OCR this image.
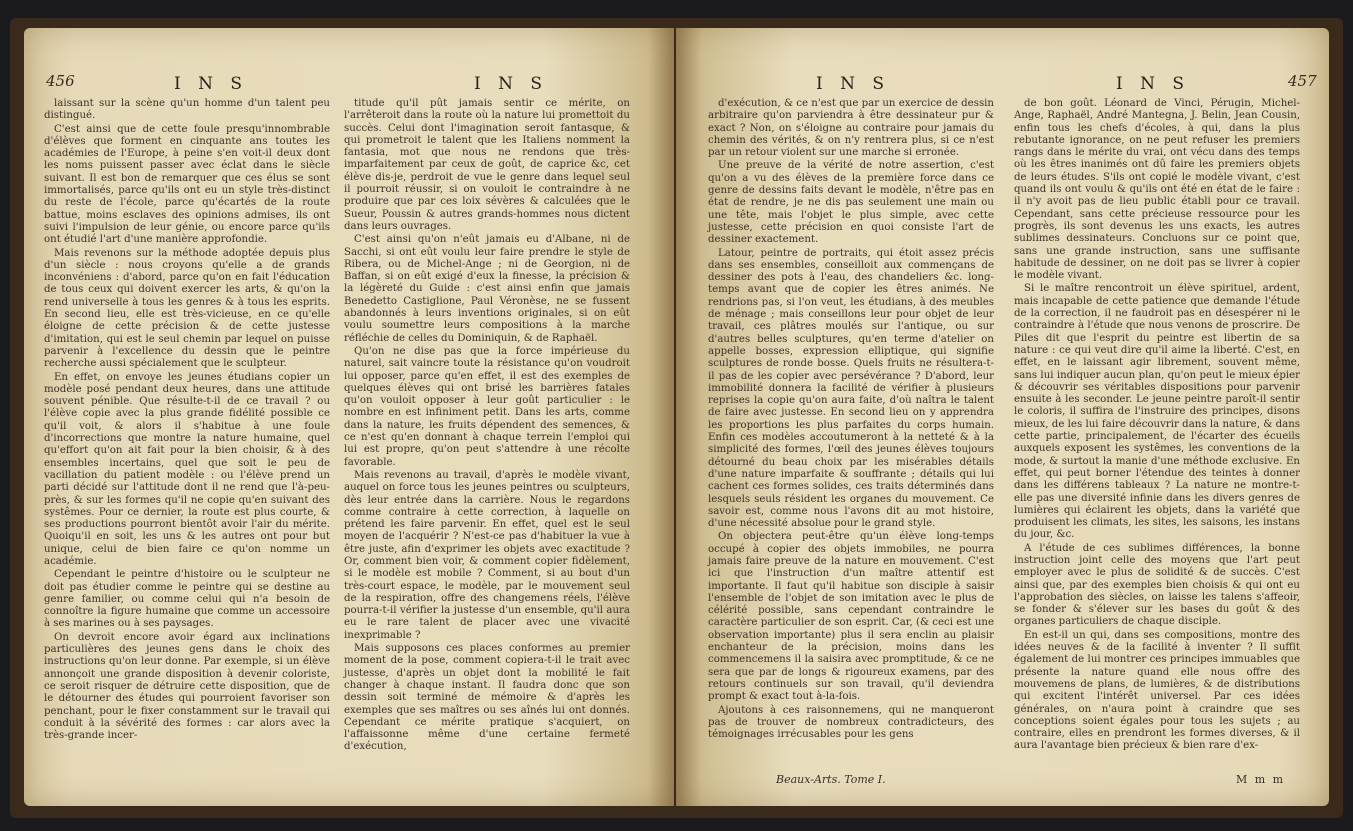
456	I N S	I N S

laissant sur la scène qu'un homme d'un talent peu distingué.

C'est ainsi que de cette foule presqu'innombrable d'élèves que forment en cinquante ans toutes les académies de l'Europe, à peine s'en voit-il deux dont les noms puissent passer avec éclat dans le siècle suivant. Il est bon de remarquer que ces élus se sont immortalisés, parce qu'ils ont eu un style très-distinct du reste de l'école, parce qu'écartés de la route battue, moins esclaves des opinions admises, ils ont suivi l'impulsion de leur génie, ou encore parce qu'ils ont étudié l'art d'une manière approfondie.

Mais revenons sur la méthode adoptée depuis plus d'un siècle : nous croyons qu'elle a de grands inconvéniens : d'abord, parce qu'on en fait l'éducation de tous ceux qui doivent exercer les arts, & qu'on la rend universelle à tous les genres & à tous les esprits. En second lieu, elle est très-vicieuse, en ce qu'elle éloigne de cette précision & de cette justesse d'imitation, qui est le seul chemin par lequel on puisse parvenir à l'excellence du dessin que le peintre recherche aussi spécialement que le sculpteur.

En effet, on envoye les jeunes étudians copier un modèle posé pendant deux heures, dans une attitude souvent pénible. Que résulte-t-il de ce travail ? ou l'élève copie avec la plus grande fidélité possible ce qu'il voit, & alors il s'habitue à une foule d'incorrections que montre la nature humaine, quel qu'effort qu'on ait fait pour la bien choisir, & à des ensembles incertains, quel que soit le peu de vacillation du patient modèle : ou l'élève prend un parti décidé sur l'attitude dont il ne rend que l'à-peu-près, & sur les formes qu'il ne copie qu'en suivant des systêmes. Pour ce dernier, la route est plus courte, & ses productions pourront bientôt avoir l'air du mérite. Quoiqu'il en soit, les uns & les autres ont pour but unique, celui de bien faire ce qu'on nomme un académie.

Cependant le peintre d'histoire ou le sculpteur ne doit pas étudier comme le peintre qui se destine au genre familier, ou comme celui qui n'a besoin de connoître la figure humaine que comme un accessoire à ses marines ou à ses paysages.

On devroit encore avoir égard aux inclinations particulières des jeunes gens dans le choix des instructions qu'on leur donne. Par exemple, si un élève annonçoit une grande disposition à devenir coloriste, ce seroit risquer de détruire cette disposition, que de le détourner des études qui pourroient favoriser son penchant, pour le fixer constamment sur le travail qui conduit à la sévérité des formes : car alors avec la très-grande incer-

titude qu'il pût jamais sentir ce mérite, on l'arrêteroit dans la route où la nature lui promettoit du succès. Celui dont l'imagination seroit fantasque, & qui prometroit le talent que les Italiens nomment la fantasia, mot que nous ne rendons que très-imparfaitement par ceux de goût, de caprice &c, cet élève dis-je, perdroit de vue le genre dans lequel seul il pourroit réussir, si on vouloit le contraindre à ne produire que par ces loix sévères & calculées que le Sueur, Poussin & autres grands-hommes nous dictent dans leurs ouvrages.

C'est ainsi qu'on n'eût jamais eu d'Albane, ni de Sacchi, si ont eût voulu leur faire prendre le style de Ribera, ou de Michel-Ange ; ni de Georgion, ni de Baffan, si on eût exigé d'eux la finesse, la précision & la légèreté du Guide : c'est ainsi enfin que jamais Benedetto Castiglione, Paul Véronèse, ne se fussent abandonnés à leurs inventions originales, si on eût voulu soumettre leurs compositions à la marche réfléchie de celles du Dominiquin, & de Raphaël.

Qu'on ne dise pas que la force impérieuse du naturel, sait vaincre toute la résistance qu'on voudroit lui opposer, parce qu'en effet, il est des exemples de quelques élèves qui ont brisé les barrières fatales qu'on vouloit opposer à leur goût particulier : le nombre en est infiniment petit. Dans les arts, comme dans la nature, les fruits dépendent des semences, & ce n'est qu'en donnant à chaque terrein l'emploi qui lui est propre, qu'on peut s'attendre à une récolte favorable.

Mais revenons au travail, d'après le modèle vivant, auquel on force tous les jeunes peintres ou sculpteurs, dès leur entrée dans la carrière. Nous le regardons comme contraire à cette correction, à laquelle on prétend les faire parvenir. En effet, quel est le seul moyen de l'acquérir ? N'est-ce pas d'habituer la vue à être juste, afin d'exprimer les objets avec exactitude ? Or, comment bien voir, & comment copier fidèlement, si le modèle est mobile ? Comment, si au bout d'un très-court espace, le modèle, par le mouvement seul de la respiration, offre des changemens réels, l'élève pourra-t-il vérifier la justesse d'un ensemble, qu'il aura eu le rare talent de placer avec une vivacité inexprimable ?

Mais supposons ces places conformes au premier moment de la pose, comment copiera-t-il le trait avec justesse, d'après un objet dont la mobilité le fait changer à chaque instant. Il faudra donc que son dessin soit terminé de mémoire & d'après les exemples que ses maîtres ou ses aînés lui ont donnés. Cependant ce mérite pratique s'acquiert, on l'affaissonne même d'une certaine fermeté d'exécution,

I N S	I N S	457

d'exécution, & ce n'est que par un exercice de dessin arbitraire qu'on parviendra à être dessinateur pur & exact ? Non, on s'éloigne au contraire pour jamais du chemin des vérités, & on n'y rentrera plus, si ce n'est par un retour violent sur une marche si erronée.

Une preuve de la vérité de notre assertion, c'est qu'on a vu des élèves de la première force dans ce genre de dessins faits devant le modèle, n'être pas en état de rendre, je ne dis pas seulement une main ou une tête, mais l'objet le plus simple, avec cette justesse, cette précision en quoi consiste l'art de dessiner exactement.

Latour, peintre de portraits, qui étoit assez précis dans ses ensembles, conseilloit aux commençans de dessiner des pots à l'eau, des chandeliers &c. long-temps avant que de copier les êtres animés. Ne rendrions pas, si l'on veut, les étudians, à des meubles de ménage ; mais conseillons leur pour objet de leur travail, ces plâtres moulés sur l'antique, ou sur d'autres belles sculptures, qu'en terme d'atelier on appelle bosses, expression elliptique, qui signifie sculptures de ronde bosse. Quels fruits ne résultera-t-il pas de les copier avec persévérance ? D'abord, leur immobilité donnera la facilité de vérifier à plusieurs reprises la copie qu'on aura faite, d'où naîtra le talent de faire avec justesse. En second lieu on y apprendra les proportions les plus parfaites du corps humain. Enfin ces modèles accoutumeront à la netteté & à la simplicité des formes, l'œil des jeunes élèves toujours détourné du beau choix par les misérables détails d'une nature imparfaite & souffrante ; détails qui lui cachent ces formes solides, ces traits déterminés dans lesquels seuls résident les organes du mouvement. Ce savoir est, comme nous l'avons dit au mot histoire, d'une nécessité absolue pour le grand style.

On objectera peut-être qu'un élève long-temps occupé à copier des objets immobiles, ne pourra jamais faire preuve de la nature en mouvement. C'est ici que l'instruction d'un maître attentif est importante. Il faut qu'il habitue son disciple à saisir l'ensemble de l'objet de son imitation avec le plus de célérité possible, sans cependant contraindre le caractère particulier de son esprit. Car, (& ceci est une observation importante) plus il sera enclin au plaisir enchanteur de la précision, moins dans les commencemens il la saisira avec promptitude, & ce ne sera que par de longs & rigoureux examens, par des retours continuels sur son travail, qu'il deviendra prompt & exact tout à-la-fois.

Ajoutons à ces raisonnemens, qui ne manqueront pas de trouver de nombreux contradicteurs, des témoignages irrécusables pour les gens

de bon goût. Léonard de Vinci, Pérugin, Michel-Ange, Raphaël, André Mantegna, J. Belin, Jean Cousin, enfin tous les chefs d'écoles, à qui, dans la plus rebutante ignorance, on ne peut refuser les premiers rangs dans le mérite du vrai, ont vécu dans des temps où les êtres inanimés ont dû faire les premiers objets de leurs études. S'ils ont copié le modèle vivant, c'est quand ils ont voulu & qu'ils ont été en état de le faire : il n'y avoit pas de lieu public établi pour ce travail. Cependant, sans cette précieuse ressource pour les progrès, ils sont devenus les uns exacts, les autres sublimes dessinateurs. Concluons sur ce point que, sans une grande instruction, sans une suffisante habitude de dessiner, on ne doit pas se livrer à copier le modèle vivant.

Si le maître rencontroit un élève spirituel, ardent, mais incapable de cette patience que demande l'étude de la correction, il ne faudroit pas en désespérer ni le contraindre à l'étude que nous venons de proscrire. De Piles dit que l'esprit du peintre est libertin de sa nature : ce qui veut dire qu'il aime la liberté. C'est, en effet, en le laissant agir librement, souvent même, sans lui indiquer aucun plan, qu'on peut le mieux épier & découvrir ses véritables dispositions pour parvenir ensuite à les seconder. Le jeune peintre paroît-il sentir le coloris, il suffira de l'instruire des principes, disons mieux, de les lui faire découvrir dans la nature, & dans cette partie, principalement, de l'écarter des écueils auxquels exposent les systêmes, les conventions de la mode, & surtout la manie d'une méthode exclusive. En effet, qui peut borner l'étendue des teintes à donner dans les différens tableaux ? La nature ne montre-t-elle pas une diversité infinie dans les divers genres de lumières qui éclairent les objets, dans la variété que produisent les climats, les sites, les saisons, les instans du jour, &c.

A l'étude de ces sublimes différences, la bonne instruction joint celle des moyens que l'art peut employer avec le plus de solidité & de succès. C'est ainsi que, par des exemples bien choisis & qui ont eu l'approbation des siècles, on laisse les talens s'affeoir, se fonder & s'élever sur les bases du goût & des organes particuliers de chaque disciple.

En est-il un qui, dans ses compositions, montre des idées neuves & de la facilité à inventer ? Il suffit également de lui montrer ces principes immuables que présente la nature quand elle nous offre des mouvemens de plans, de lumières, & de distributions qui excitent l'intérêt universel. Par ces idées générales, on n'aura point à craindre que ses conceptions soient égales pour tous les sujets ; au contraire, elles en prendront les formes diverses, & il aura l'avantage bien précieux & bien rare d'ex-

Beaux-Arts. Tome I.	M m m
